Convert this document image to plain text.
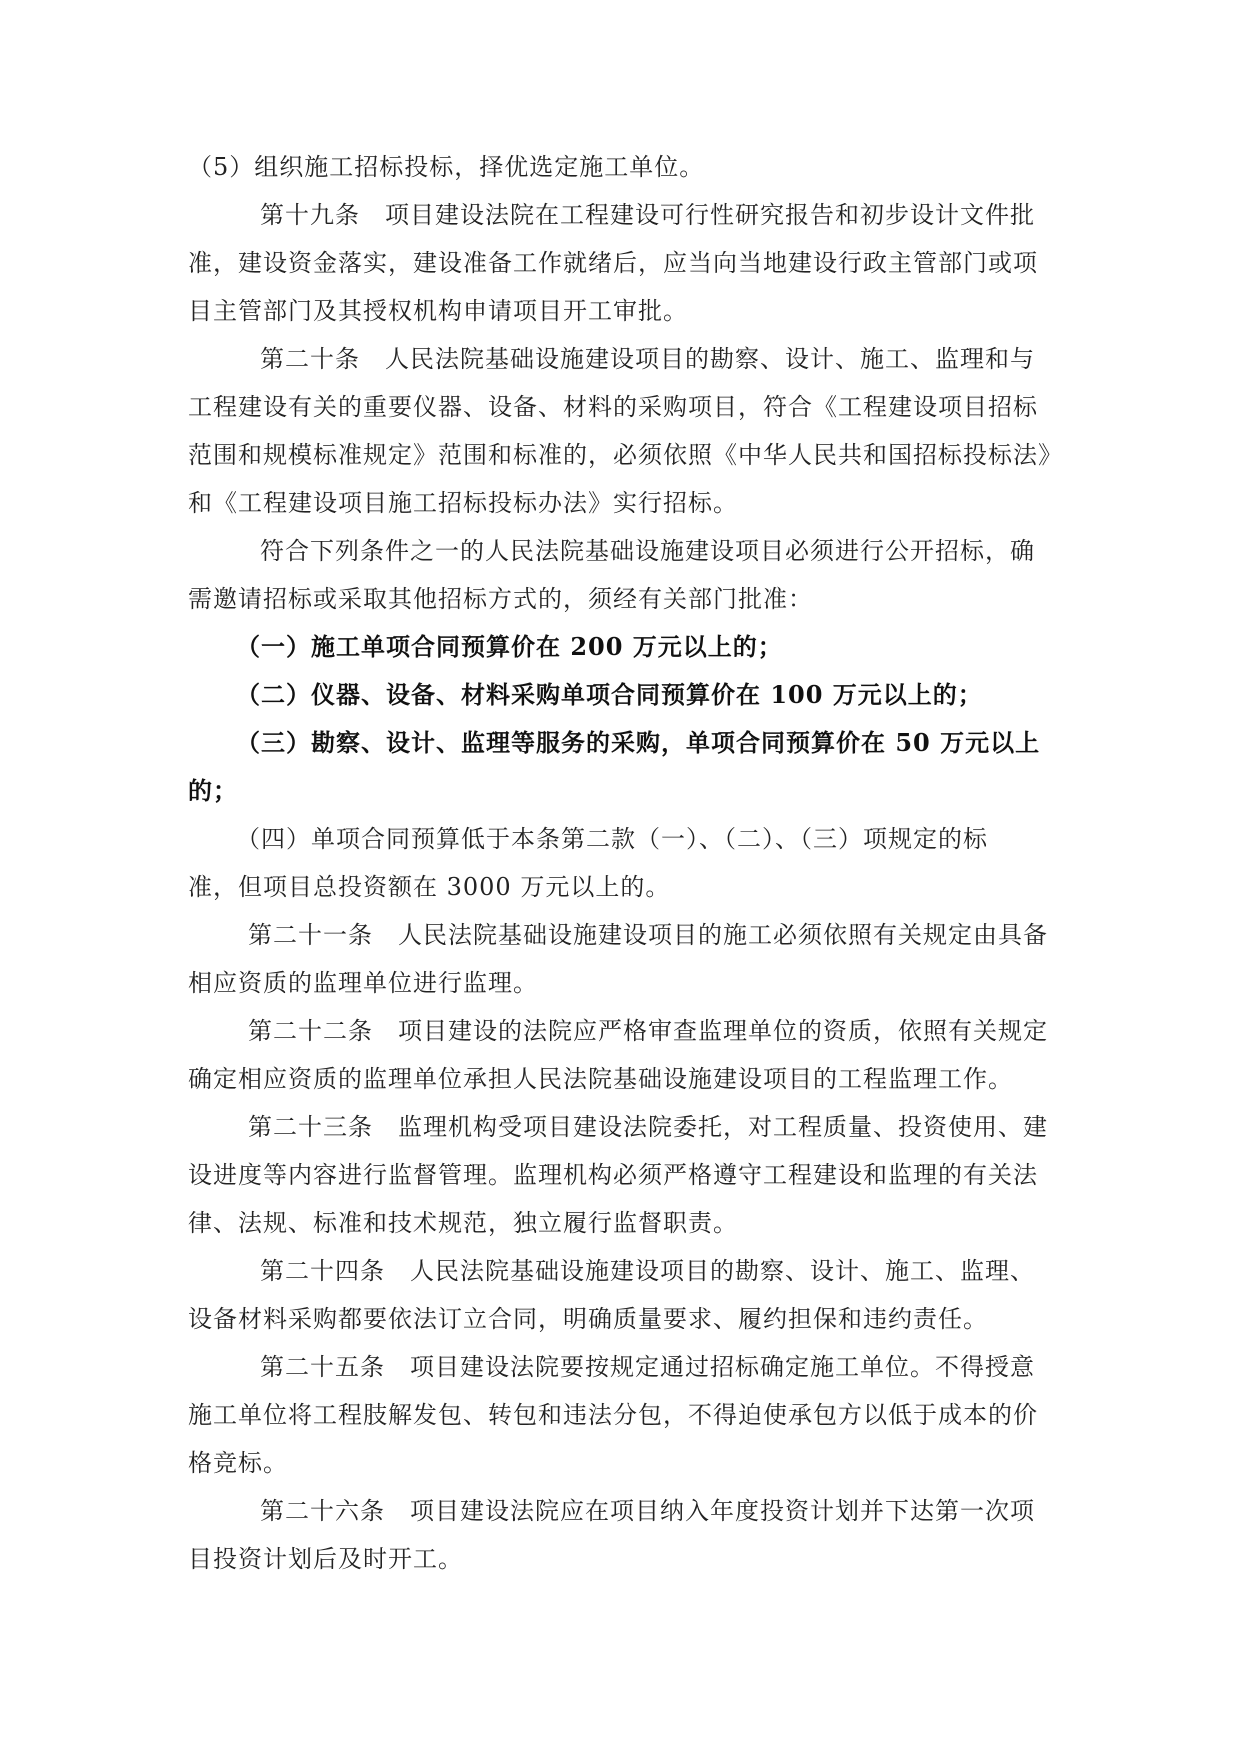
（5）组织施工招标投标，择优选定施工单位。
第十九条　项目建设法院在工程建设可行性研究报告和初步设计文件批
准，建设资金落实，建设准备工作就绪后，应当向当地建设行政主管部门或项
目主管部门及其授权机构申请项目开工审批。
第二十条　人民法院基础设施建设项目的勘察、设计、施工、监理和与
工程建设有关的重要仪器、设备、材料的采购项目，符合《工程建设项目招标
范围和规模标准规定》范围和标准的，必须依照《中华人民共和国招标投标法》
和《工程建设项目施工招标投标办法》实行招标。
符合下列条件之一的人民法院基础设施建设项目必须进行公开招标，确
需邀请招标或采取其他招标方式的，须经有关部门批准：
（一）施工单项合同预算价在 200 万元以上的；
（二）仪器、设备、材料采购单项合同预算价在 100 万元以上的；
（三）勘察、设计、监理等服务的采购，单项合同预算价在 50 万元以上
的；
（四）单项合同预算低于本条第二款（一）、（二）、（三）项规定的标
准，但项目总投资额在 3000 万元以上的。
第二十一条　人民法院基础设施建设项目的施工必须依照有关规定由具备
相应资质的监理单位进行监理。
第二十二条　项目建设的法院应严格审查监理单位的资质，依照有关规定
确定相应资质的监理单位承担人民法院基础设施建设项目的工程监理工作。
第二十三条　监理机构受项目建设法院委托，对工程质量、投资使用、建
设进度等内容进行监督管理。监理机构必须严格遵守工程建设和监理的有关法
律、法规、标准和技术规范，独立履行监督职责。
第二十四条　人民法院基础设施建设项目的勘察、设计、施工、监理、
设备材料采购都要依法订立合同，明确质量要求、履约担保和违约责任。
第二十五条　项目建设法院要按规定通过招标确定施工单位。不得授意
施工单位将工程肢解发包、转包和违法分包，不得迫使承包方以低于成本的价
格竞标。
第二十六条　项目建设法院应在项目纳入年度投资计划并下达第一次项
目投资计划后及时开工。
